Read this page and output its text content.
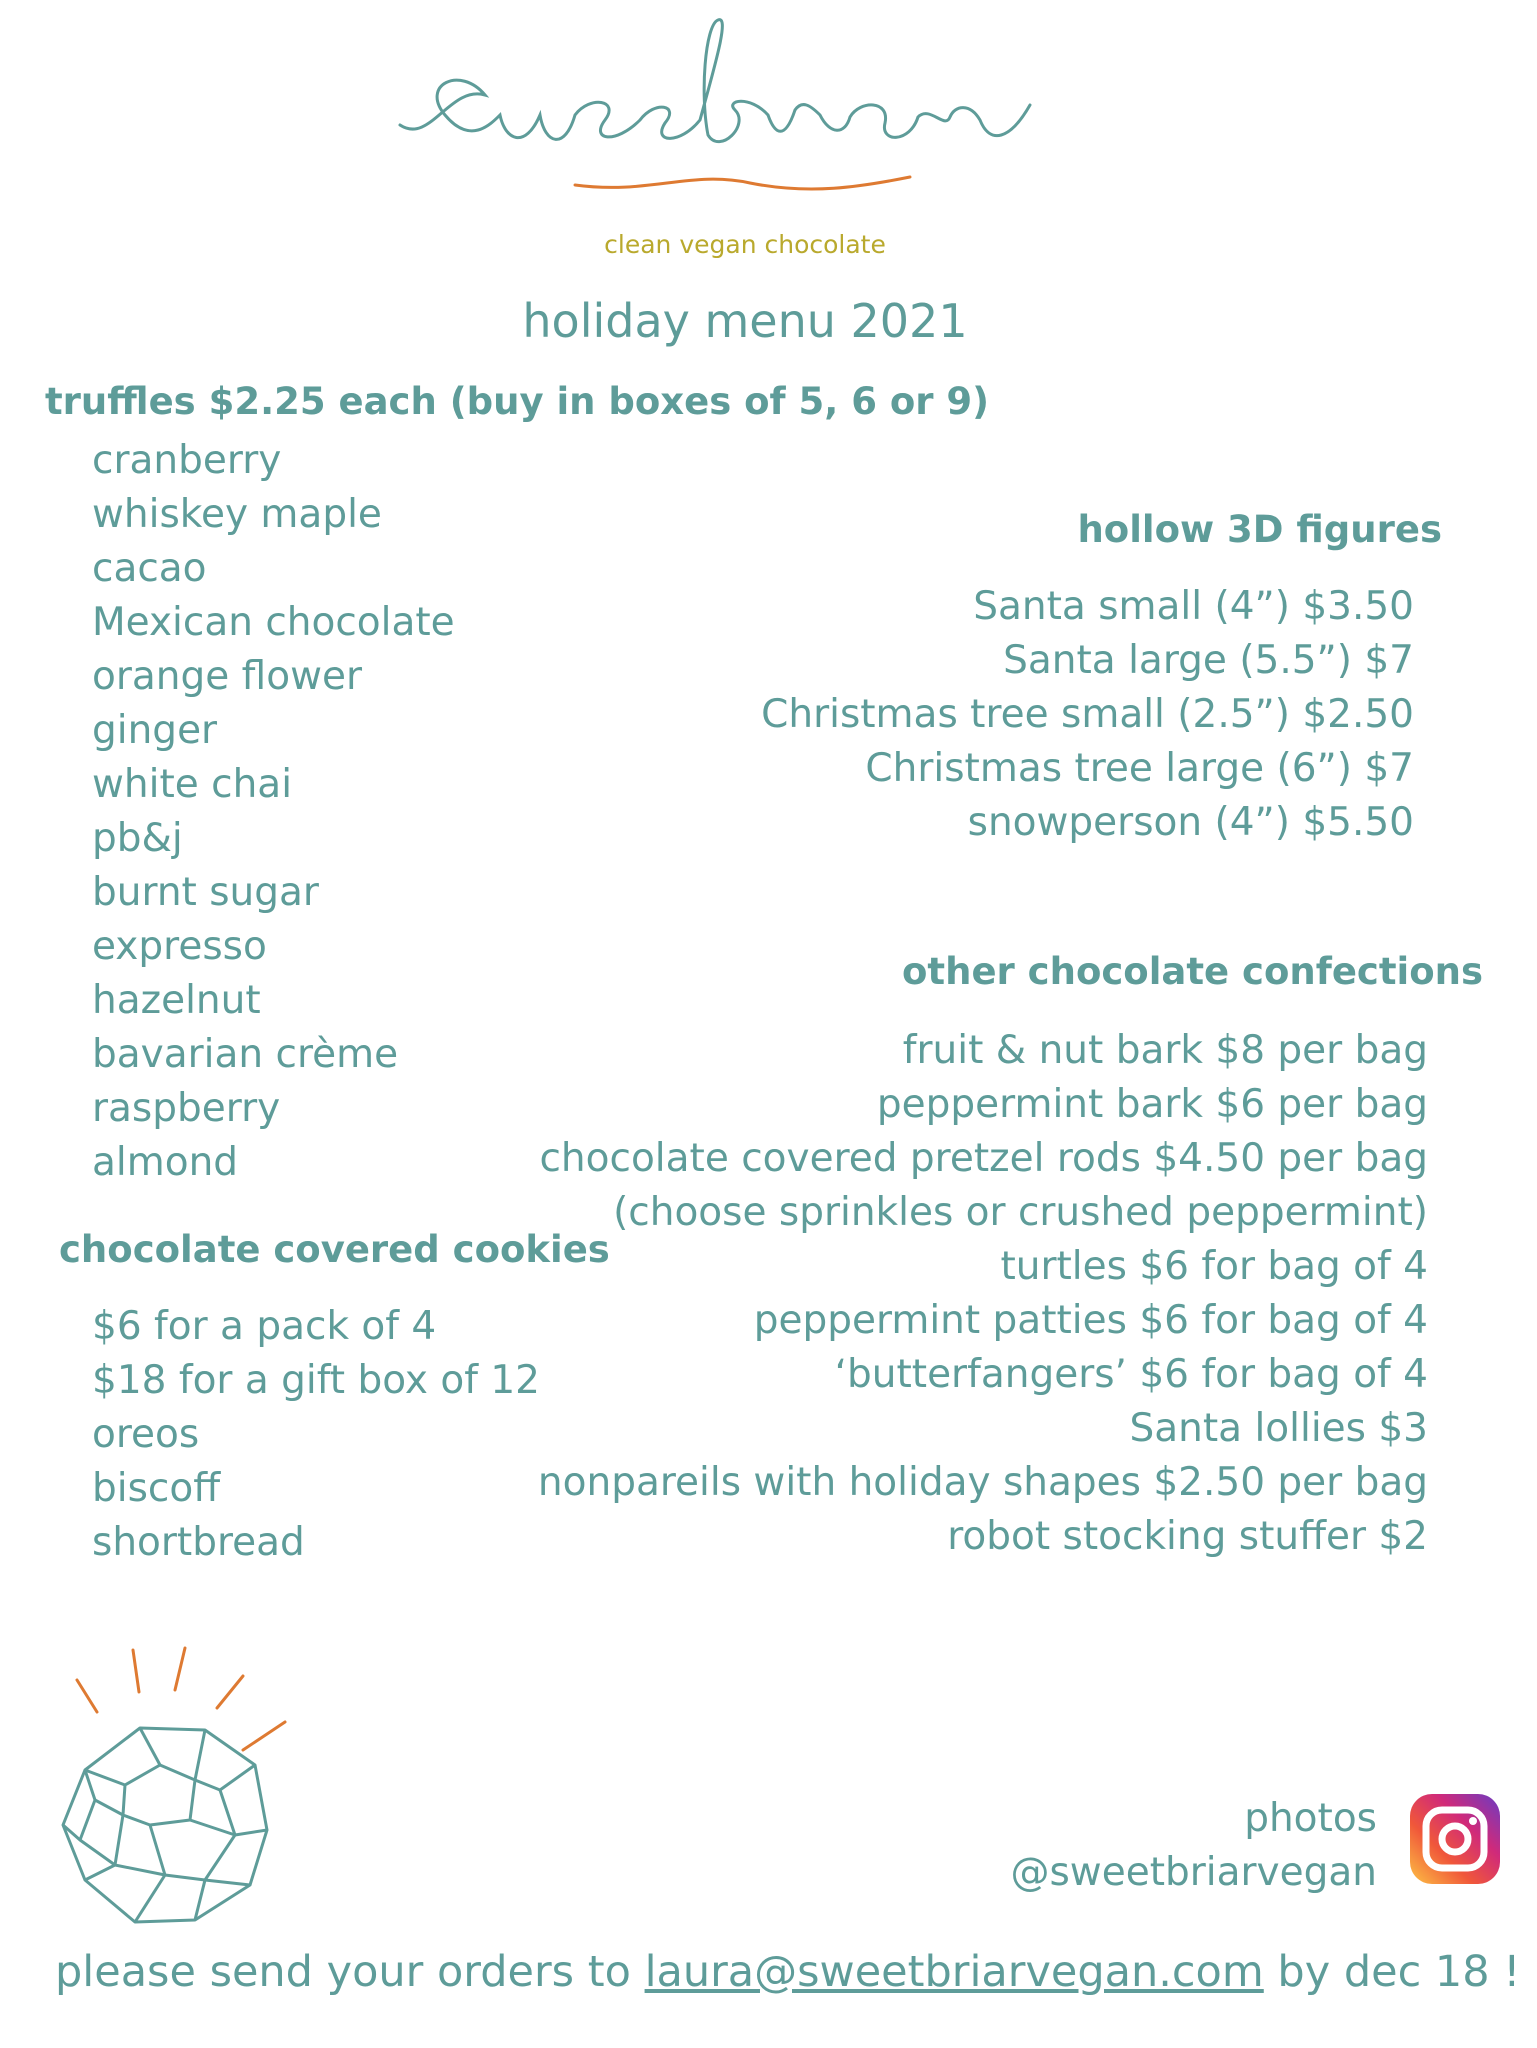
clean vegan chocolate
holiday menu 2021
truffles $2.25 each (buy in boxes of 5, 6 or 9)
cranberry
whiskey maple
cacao
Mexican chocolate
orange flower
ginger
white chai
pb&j
burnt sugar
expresso
hazelnut
bavarian crème
raspberry
almond
chocolate covered cookies
$6 for a pack of 4
$18 for a gift box of 12
oreos
biscoff
shortbread
hollow 3D figures
Santa small (4”) $3.50
Santa large (5.5”) $7
Christmas tree small (2.5”) $2.50
Christmas tree large (6”) $7
snowperson (4”) $5.50
other chocolate confections
fruit & nut bark $8 per bag
peppermint bark $6 per bag
chocolate covered pretzel rods $4.50 per bag
(choose sprinkles or crushed peppermint)
turtles $6 for bag of 4
peppermint patties $6 for bag of 4
‘butterfangers’ $6 for bag of 4
Santa lollies $3
nonpareils with holiday shapes $2.50 per bag
robot stocking stuffer $2
photos
@sweetbriarvegan
please send your orders to laura@sweetbriarvegan.com by dec 18 !
